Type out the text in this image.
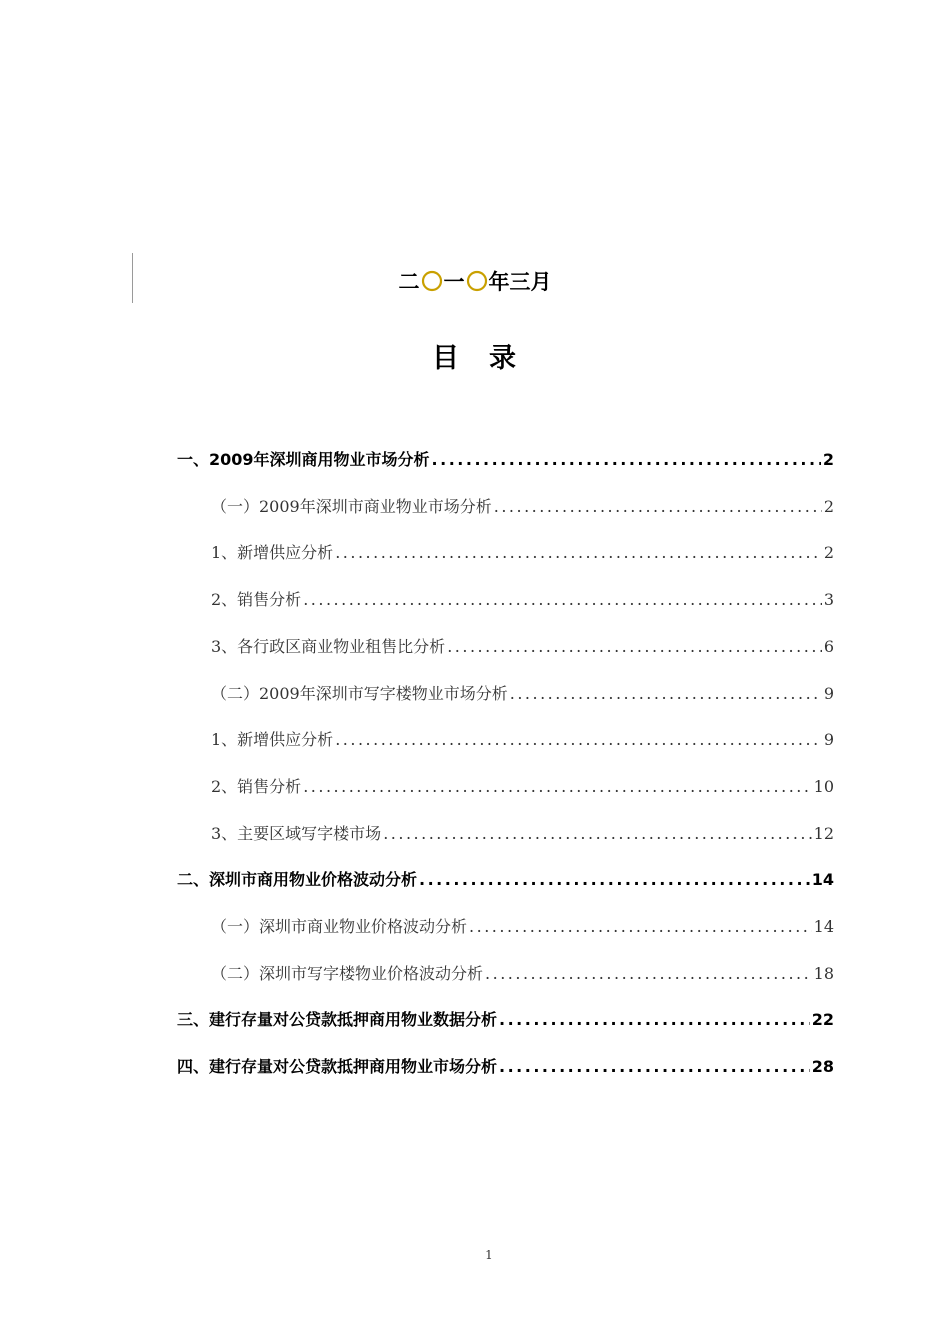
二 一 年三月
目录
一、2009年深圳商用物业市场分析 .....	2
（一）2009年深圳市商业物业市场分析 .....	2
1、新增供应分析 .....	2
2、销售分析 .....	3
3、各行政区商业物业租售比分析 .....	6
（二）2009年深圳市写字楼物业市场分析 .....	9
1、新增供应分析 .....	9
2、销售分析 .....	10
3、主要区域写字楼市场 .....	12
二、深圳市商用物业价格波动分析 .....	14
（一）深圳市商业物业价格波动分析 .....	14
（二）深圳市写字楼物业价格波动分析 .....	18
三、建行存量对公贷款抵押商用物业数据分析 .....	22
四、建行存量对公贷款抵押商用物业市场分析 .....	28
1
